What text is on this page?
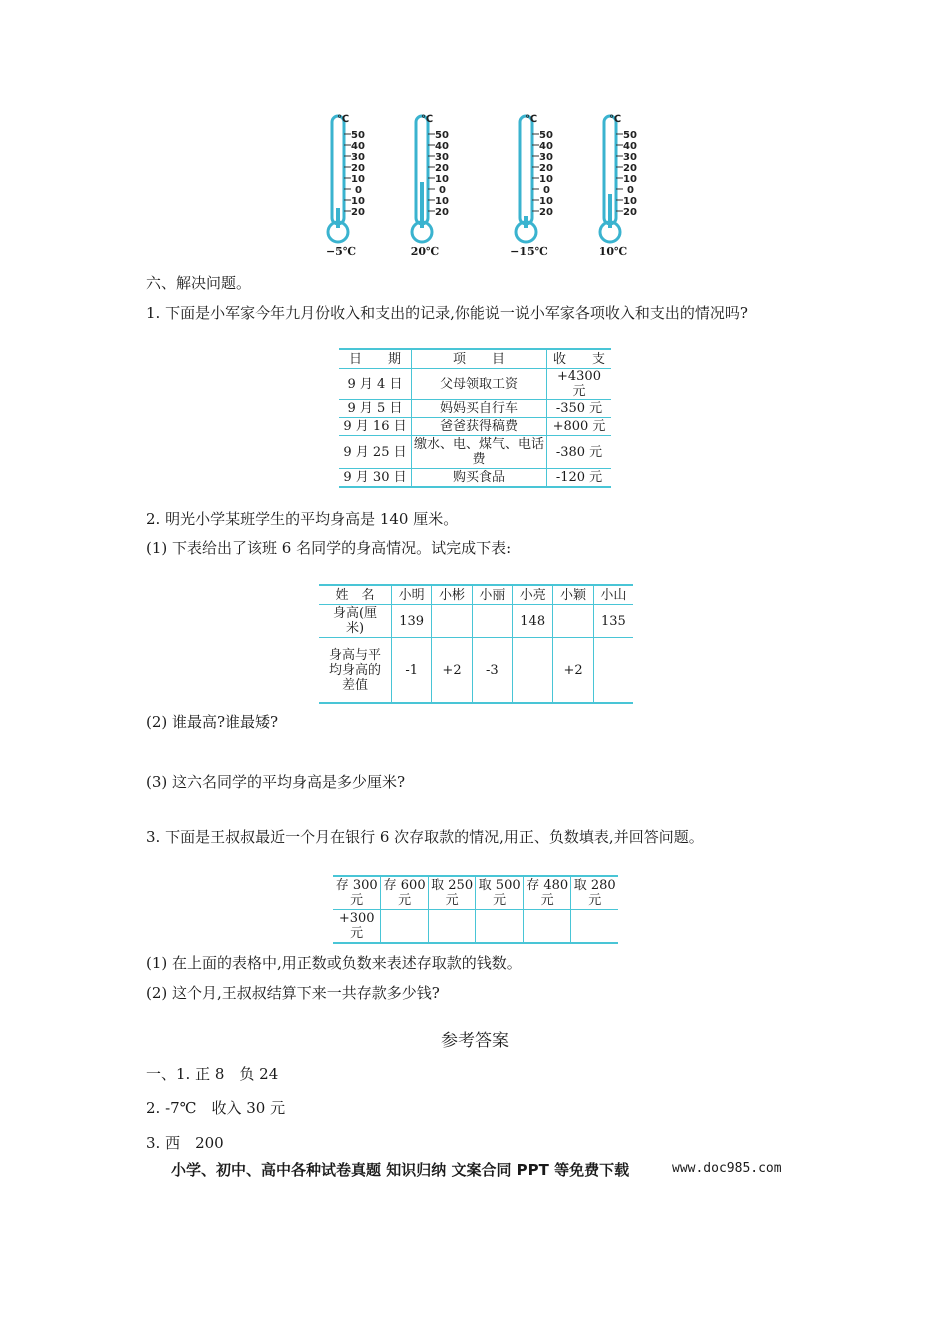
℃
50
40
30
20
10
0
10
20
−5℃
℃
50
40
30
20
10
0
10
20
20℃
℃
50
40
30
20
10
0
10
20
−15℃
℃
50
40
30
20
10
0
10
20
10℃
六、解决问题。
1. 下面是小军家今年九月份收入和支出的记录,你能说一说小军家各项收入和支出的情况吗?
日　　期	项　　目	收　　支
9 月 4 日	父母领取工资	+4300 元
9 月 5 日	妈妈买自行车	-350 元
9 月 16 日	爸爸获得稿费	+800 元
9 月 25 日	缴水、电、煤气、电话费	-380 元
9 月 30 日	购买食品	-120 元
2. 明光小学某班学生的平均身高是 140 厘米。
(1) 下表给出了该班 6 名同学的身高情况。试完成下表:
姓　名	小明	小彬	小丽	小亮	小颖	小山
身高(厘米)	139			148		135
身高与平均身高的差值	-1	+2	-3		+2	
(2) 谁最高?谁最矮?
(3) 这六名同学的平均身高是多少厘米?
3. 下面是王叔叔最近一个月在银行 6 次存取款的情况,用正、负数填表,并回答问题。
存 300 元	存 600 元	取 250 元	取 500 元	存 480 元	取 280 元
+300 元					
(1) 在上面的表格中,用正数或负数来表述存取款的钱数。
(2) 这个月,王叔叔结算下来一共存款多少钱?
参考答案
一、1. 正 8　负 24
2. -7℃　收入 30 元
3. 西　200
小学、初中、高中各种试卷真题 知识归纳 文案合同 PPT 等免费下载	www.doc985.com
